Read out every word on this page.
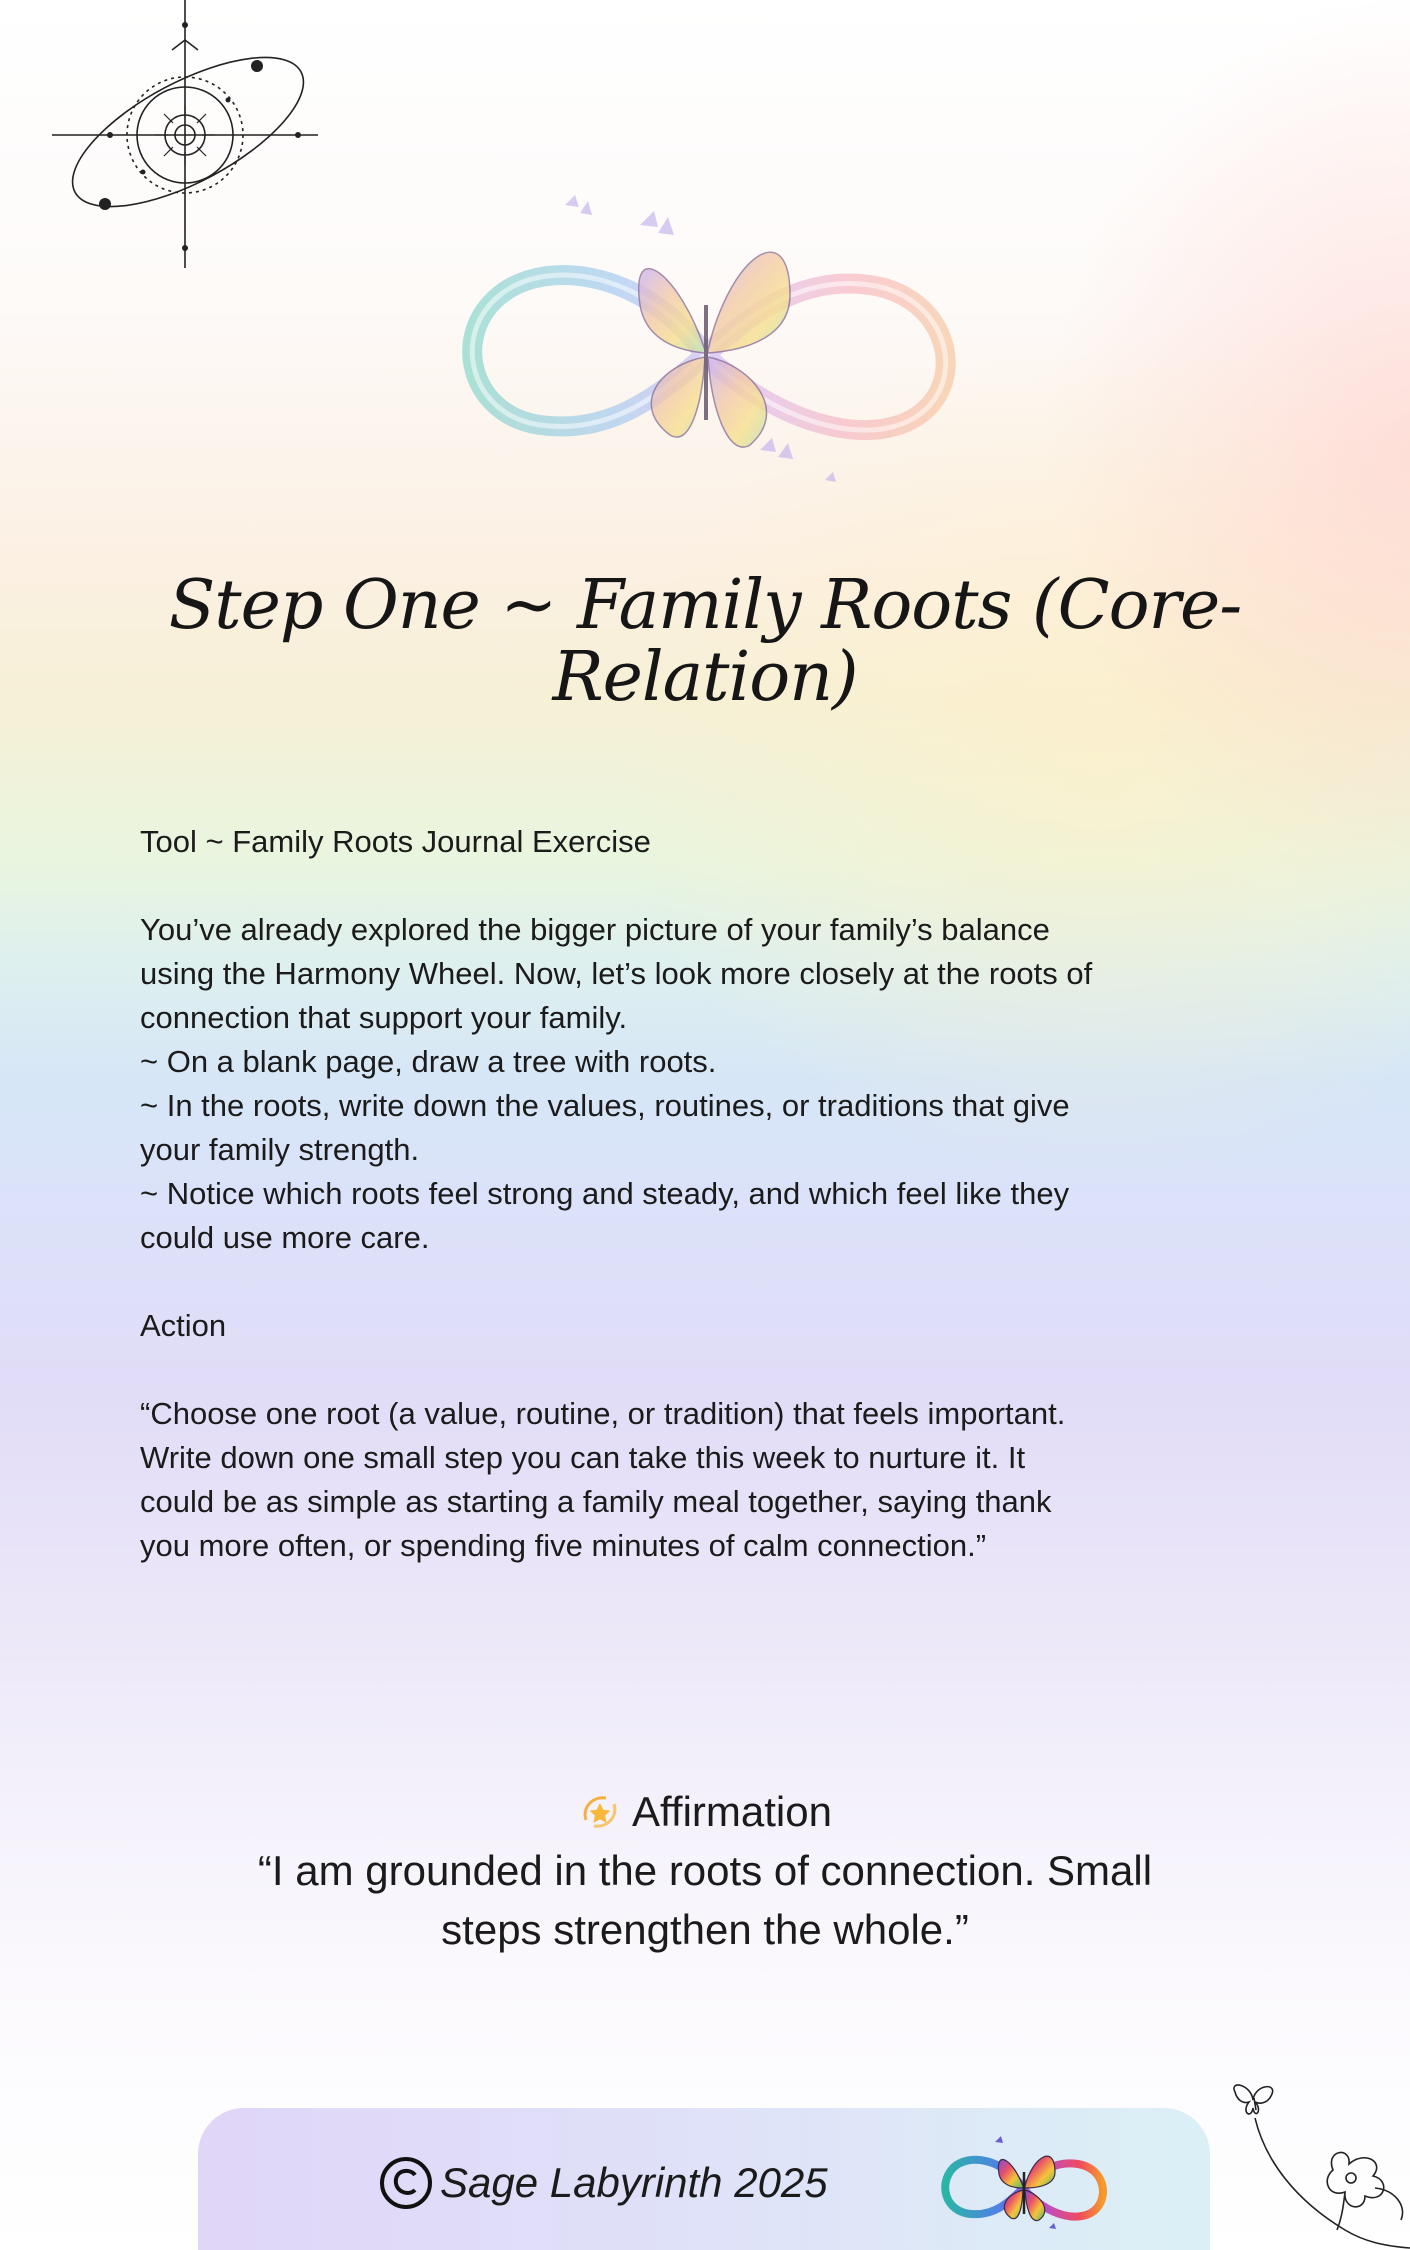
Step One ~ Family Roots (Core-
Relation)

Tool ~ Family Roots Journal Exercise

You’ve already explored the bigger picture of your family’s balance

using the Harmony Wheel. Now, let’s look more closely at the roots of

connection that support your family.

~ On a blank page, draw a tree with roots.

~ In the roots, write down the values, routines, or traditions that give

your family strength.

~ Notice which roots feel strong and steady, and which feel like they

could use more care.

Action

“Choose one root (a value, routine, or tradition) that feels important.

Write down one small step you can take this week to nurture it. It

could be as simple as starting a family meal together, saying thank

you more often, or spending five minutes of calm connection.”

Affirmation
“I am grounded in the roots of connection. Small
steps strengthen the whole.”
Sage Labyrinth 2025
